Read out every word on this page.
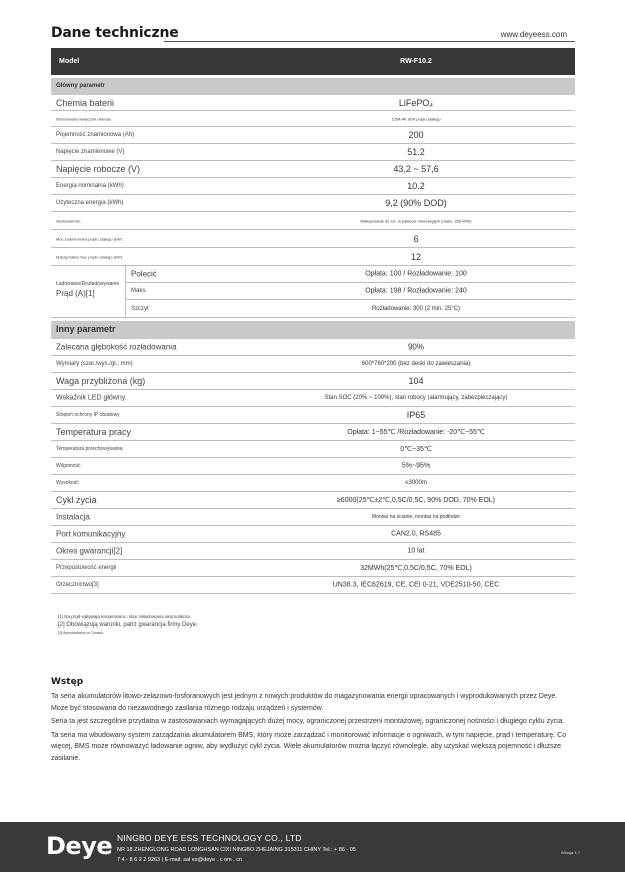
Dane techniczne	www.deyeess.com
Model	RW-F10.2
Główny parametr
Chemia baterii	LiFePO₄
Wbudowany wyłącznik obwodu	125A 4P, 60V prądu stałego
Pojemność znamionowa (Ah)	200
Napięcie znamionowe (V)	51.2
Napięcie robocze (V)	43,2 ~ 57,6
Energia nominalna (kWh)	10.2
Użyteczna energia (kWh)	9,2 (90% DOD)
Skalowalność	Maksymalnie 32 szt. w pakiecie równoległym (maks. 326 kWh)
Moc znamionowa prądu stałego (kW)	6
Maksymalna moc prądu stałego (kW)	12
Ładowanie/Rozładowywanie
Prąd (A)[1]
Polecić	Opłata: 100 / Rozładowanie: 100
Maks.	Opłata: 198 / Rozładowanie: 240
Szczyt	Rozładowanie: 300 (2 min, 25°C)
Inny parametr
Zalecana głębokość rozładowania	90%
Wymiary (szer./wys./gł., mm)	600*760*200 (bez deski do zawieszania)
Waga przybliżona (kg)	104
Wskaźnik LED główny	Stan SOC (20% ~ 100%), stan robocy (alarmujący, zabezpieczający)
Stopień ochrony IP obudowy	IP65
Temperatura pracy	Opłata: 1~55℃ /Rozładowanie: -20℃~55℃
Temperatura przechowywania	0℃~35℃
Wilgotność	5%~95%
Wysokość	≤3000m
Cykl życia	≥6000(25℃±2℃,0,5C/0,5C, 90% DOD, 70% EOL)
Instalacja	Montaż na ścianie, montaż na podłodze
Port komunikacyjny	CAN2.0, RS485
Okres gwarancji[2]	10 lat
Przepustowość energii	32MWh(25℃,0,5C/0,5C, 70% EOL)
Orzecznictwo[3]	UN38.3, IEC62619, CE, CEI 0-21, VDE2510-50, CEC
[1] Na prąd wpływają temperatura i stan naładowania akumulatora.
[2] Obowiązują warunki, patrz gwarancja firmy Deye.
[3] Wprowadzenie w Chinach
Wstęp

Ta seria akumulatorów litowo-żelazowo-fosforanowych jest jednym z nowych produktów do magazynowania energii opracowanych i wyprodukowanych przez Deye. Może być stosowana do niezawodnego zasilania różnego rodzaju urządzeń i systemów.

Seria ta jest szczególnie przydatna w zastosowaniach wymagających dużej mocy, ograniczonej przestrzeni montażowej, ograniczonej nośności i długiego cyklu życia.

Ta seria ma wbudowany system zarządzania akumulatorem BMS, który może zarządzać i monitorować informacje o ogniwach, w tym napięcie, prąd i temperaturę. Co więcej, BMS może równoważyć ładowanie ogniw, aby wydłużyć cykl życia. Wiele akumulatorów można łączyć równolegle, aby uzyskać większą pojemność i dłuższe zasilanie.

Deye NINGBO DEYE ESS TECHNOLOGY CO., LTD
NR 18 ZHENGLONG ROAD LONGHSAN CIXI NINGBO ZHEJAING 315311 CHINY Tel.: + 86 - 05
7 4 - 8 6 2 2 9263 | E-mail: sal es@deye . c om . cn
Wersja 1.7
